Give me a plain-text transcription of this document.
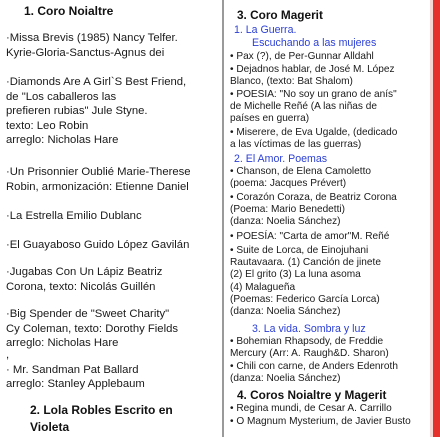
1. Coro Noialtre
·Missa Brevis (1985) Nancy Telfer.
Kyrie-Gloria-Sanctus-Agnus dei
·Diamonds Are A Girl`S Best Friend,
de "Los caballeros las
prefieren rubias" Jule Styne.
texto: Leo Robin
arreglo: Nicholas Hare
·Un Prisonnier Oublié Marie-Therese
Robin, armonización: Etienne Daniel
·La Estrella Emilio Dublanc
·El Guayaboso Guido López Gavilán
·Jugabas Con Un Lápiz Beatriz
Corona, texto: Nicolás Guillén
·Big Spender de "Sweet Charity"
Cy Coleman, texto: Dorothy Fields
arreglo: Nicholas Hare
,
· Mr. Sandman Pat Ballard
arreglo: Stanley Applebaum
2. Lola Robles Escrito en
Violeta
3. Coro Magerit
1. La Guerra.
Escuchando a las mujeres
• Pax (?), de Per-Gunnar Alldahl
• Dejadnos hablar, de José M. López
Blanco, (texto: Bat Shalom)
• POESIA: "No soy un grano de anís"
de Michelle Reñé (A las niñas de
países en guerra)
• Miserere, de Eva Ugalde, (dedicado
a las víctimas de las guerras)
2. El Amor. Poemas
• Chanson, de Elena Camoletto
(poema: Jacques Prévert)
• Corazón Coraza, de Beatriz Corona
(Poema: Mario Benedetti)
(danza: Noelia Sánchez)
• POESÍA: "Carta de amor"M. Reñé
• Suite de Lorca, de Einojuhani
Rautavaara. (1) Canción de jinete
(2) El grito (3) La luna asoma
(4) Malagueña
(Poemas: Federico García Lorca)
(danza: Noelia Sánchez)
3. La vida. Sombra y luz
• Bohemian Rhapsody, de Freddie
Mercury (Arr: A. Raugh&D. Sharon)
• Chili con carne, de Anders Edenroth
(danza: Noelia Sánchez)
4. Coros Noialtre y Magerit
• Regina mundi, de Cesar A. Carrillo
• O Magnum Mysterium, de Javier Busto
